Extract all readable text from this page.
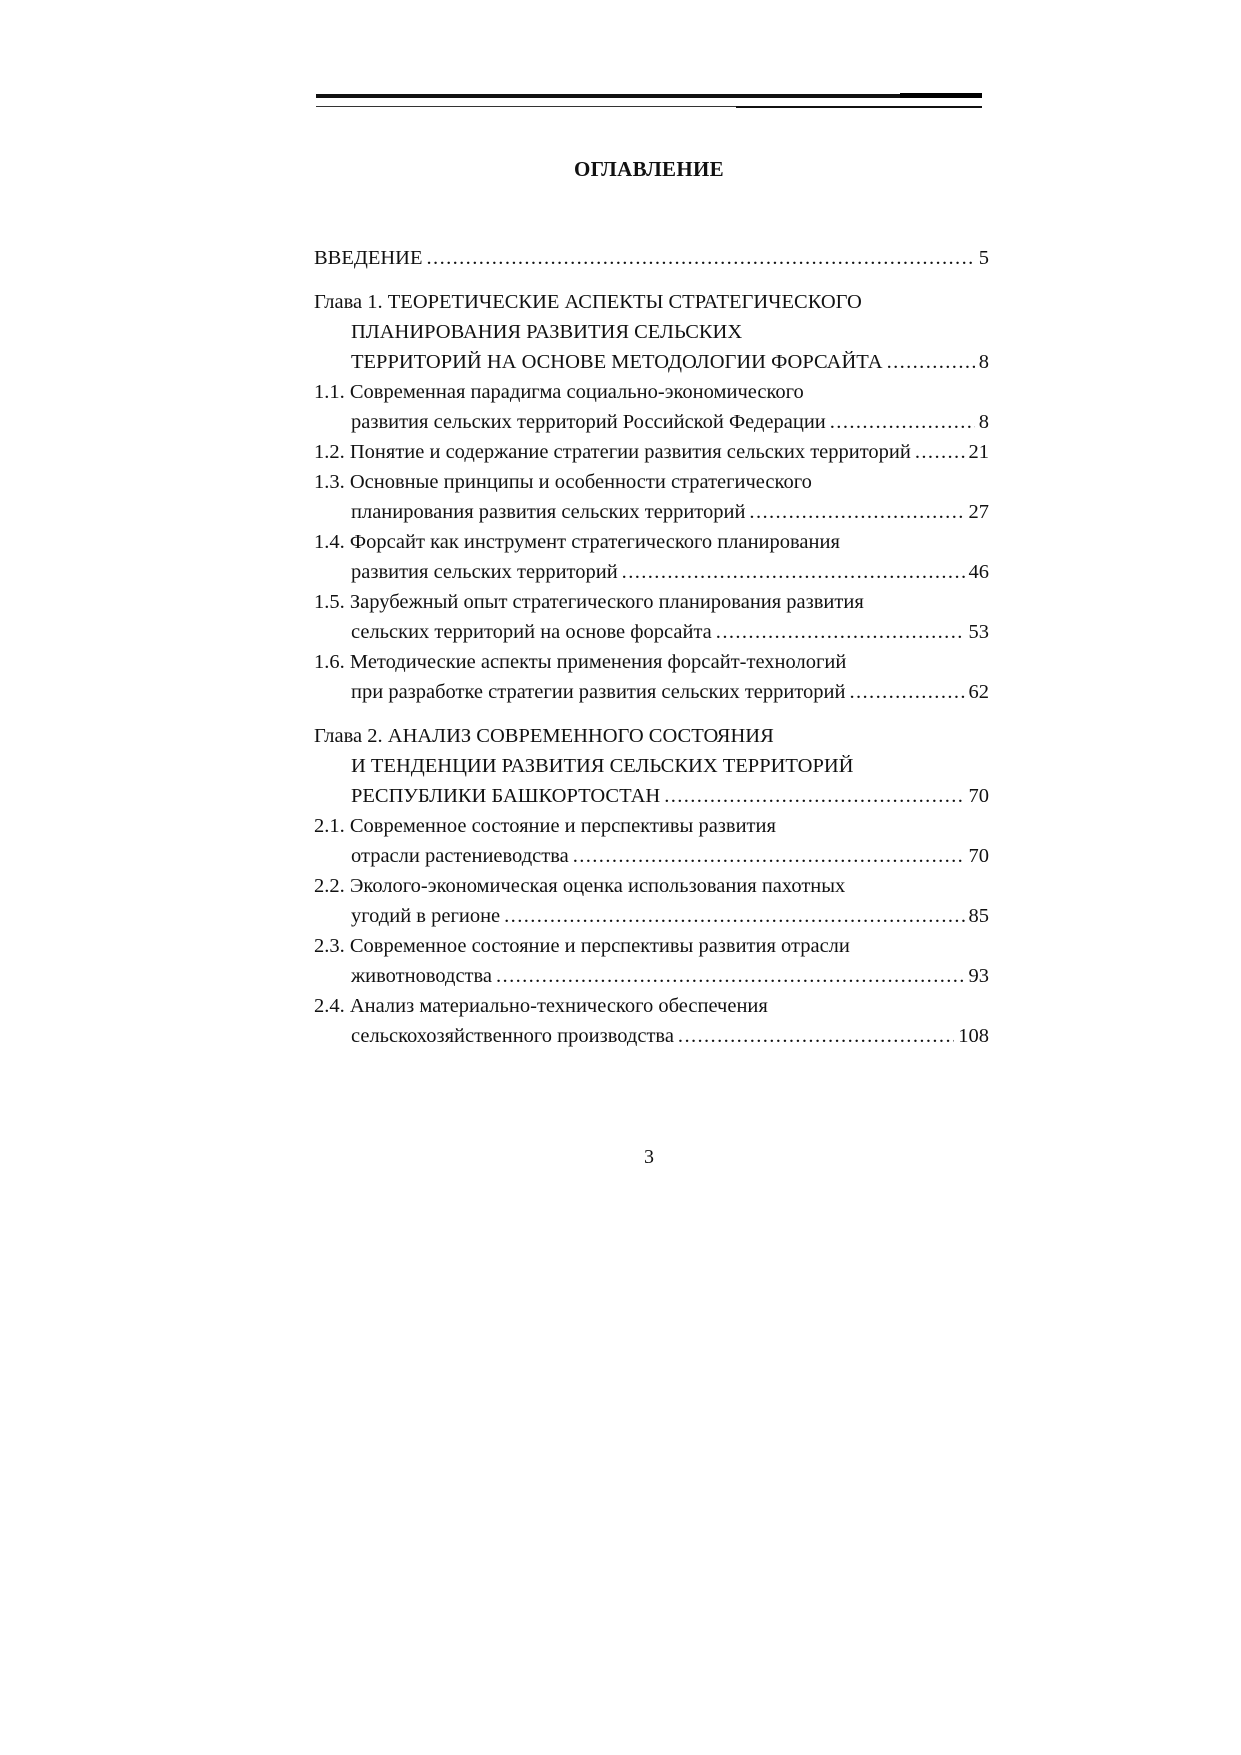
ОГЛАВЛЕНИЕ
ВВЕДЕНИЕ .....	5
Глава 1. ТЕОРЕТИЧЕСКИЕ АСПЕКТЫ СТРАТЕГИЧЕСКОГО
ПЛАНИРОВАНИЯ РАЗВИТИЯ СЕЛЬСКИХ
ТЕРРИТОРИЙ НА ОСНОВЕ МЕТОДОЛОГИИ ФОРСАЙТА .....	8
1.1. Современная парадигма социально-экономического
развития сельских территорий Российской Федерации .....	8
1.2. Понятие и содержание стратегии развития сельских территорий .....	21
1.3. Основные принципы и особенности стратегического
планирования развития сельских территорий .....	27
1.4. Форсайт как инструмент стратегического планирования
развития сельских территорий .....	46
1.5. Зарубежный опыт стратегического планирования развития
сельских территорий на основе форсайта .....	53
1.6. Методические аспекты применения форсайт-технологий
при разработке стратегии развития сельских территорий .....	62
Глава 2. АНАЛИЗ СОВРЕМЕННОГО СОСТОЯНИЯ
И ТЕНДЕНЦИИ РАЗВИТИЯ СЕЛЬСКИХ ТЕРРИТОРИЙ
РЕСПУБЛИКИ БАШКОРТОСТАН .....	70
2.1. Современное состояние и перспективы развития
отрасли растениеводства .....	70
2.2. Эколого-экономическая оценка использования пахотных
угодий в регионе .....	85
2.3. Современное состояние и перспективы развития отрасли
животноводства .....	93
2.4. Анализ материально-технического обеспечения
сельскохозяйственного производства .....	108
3
